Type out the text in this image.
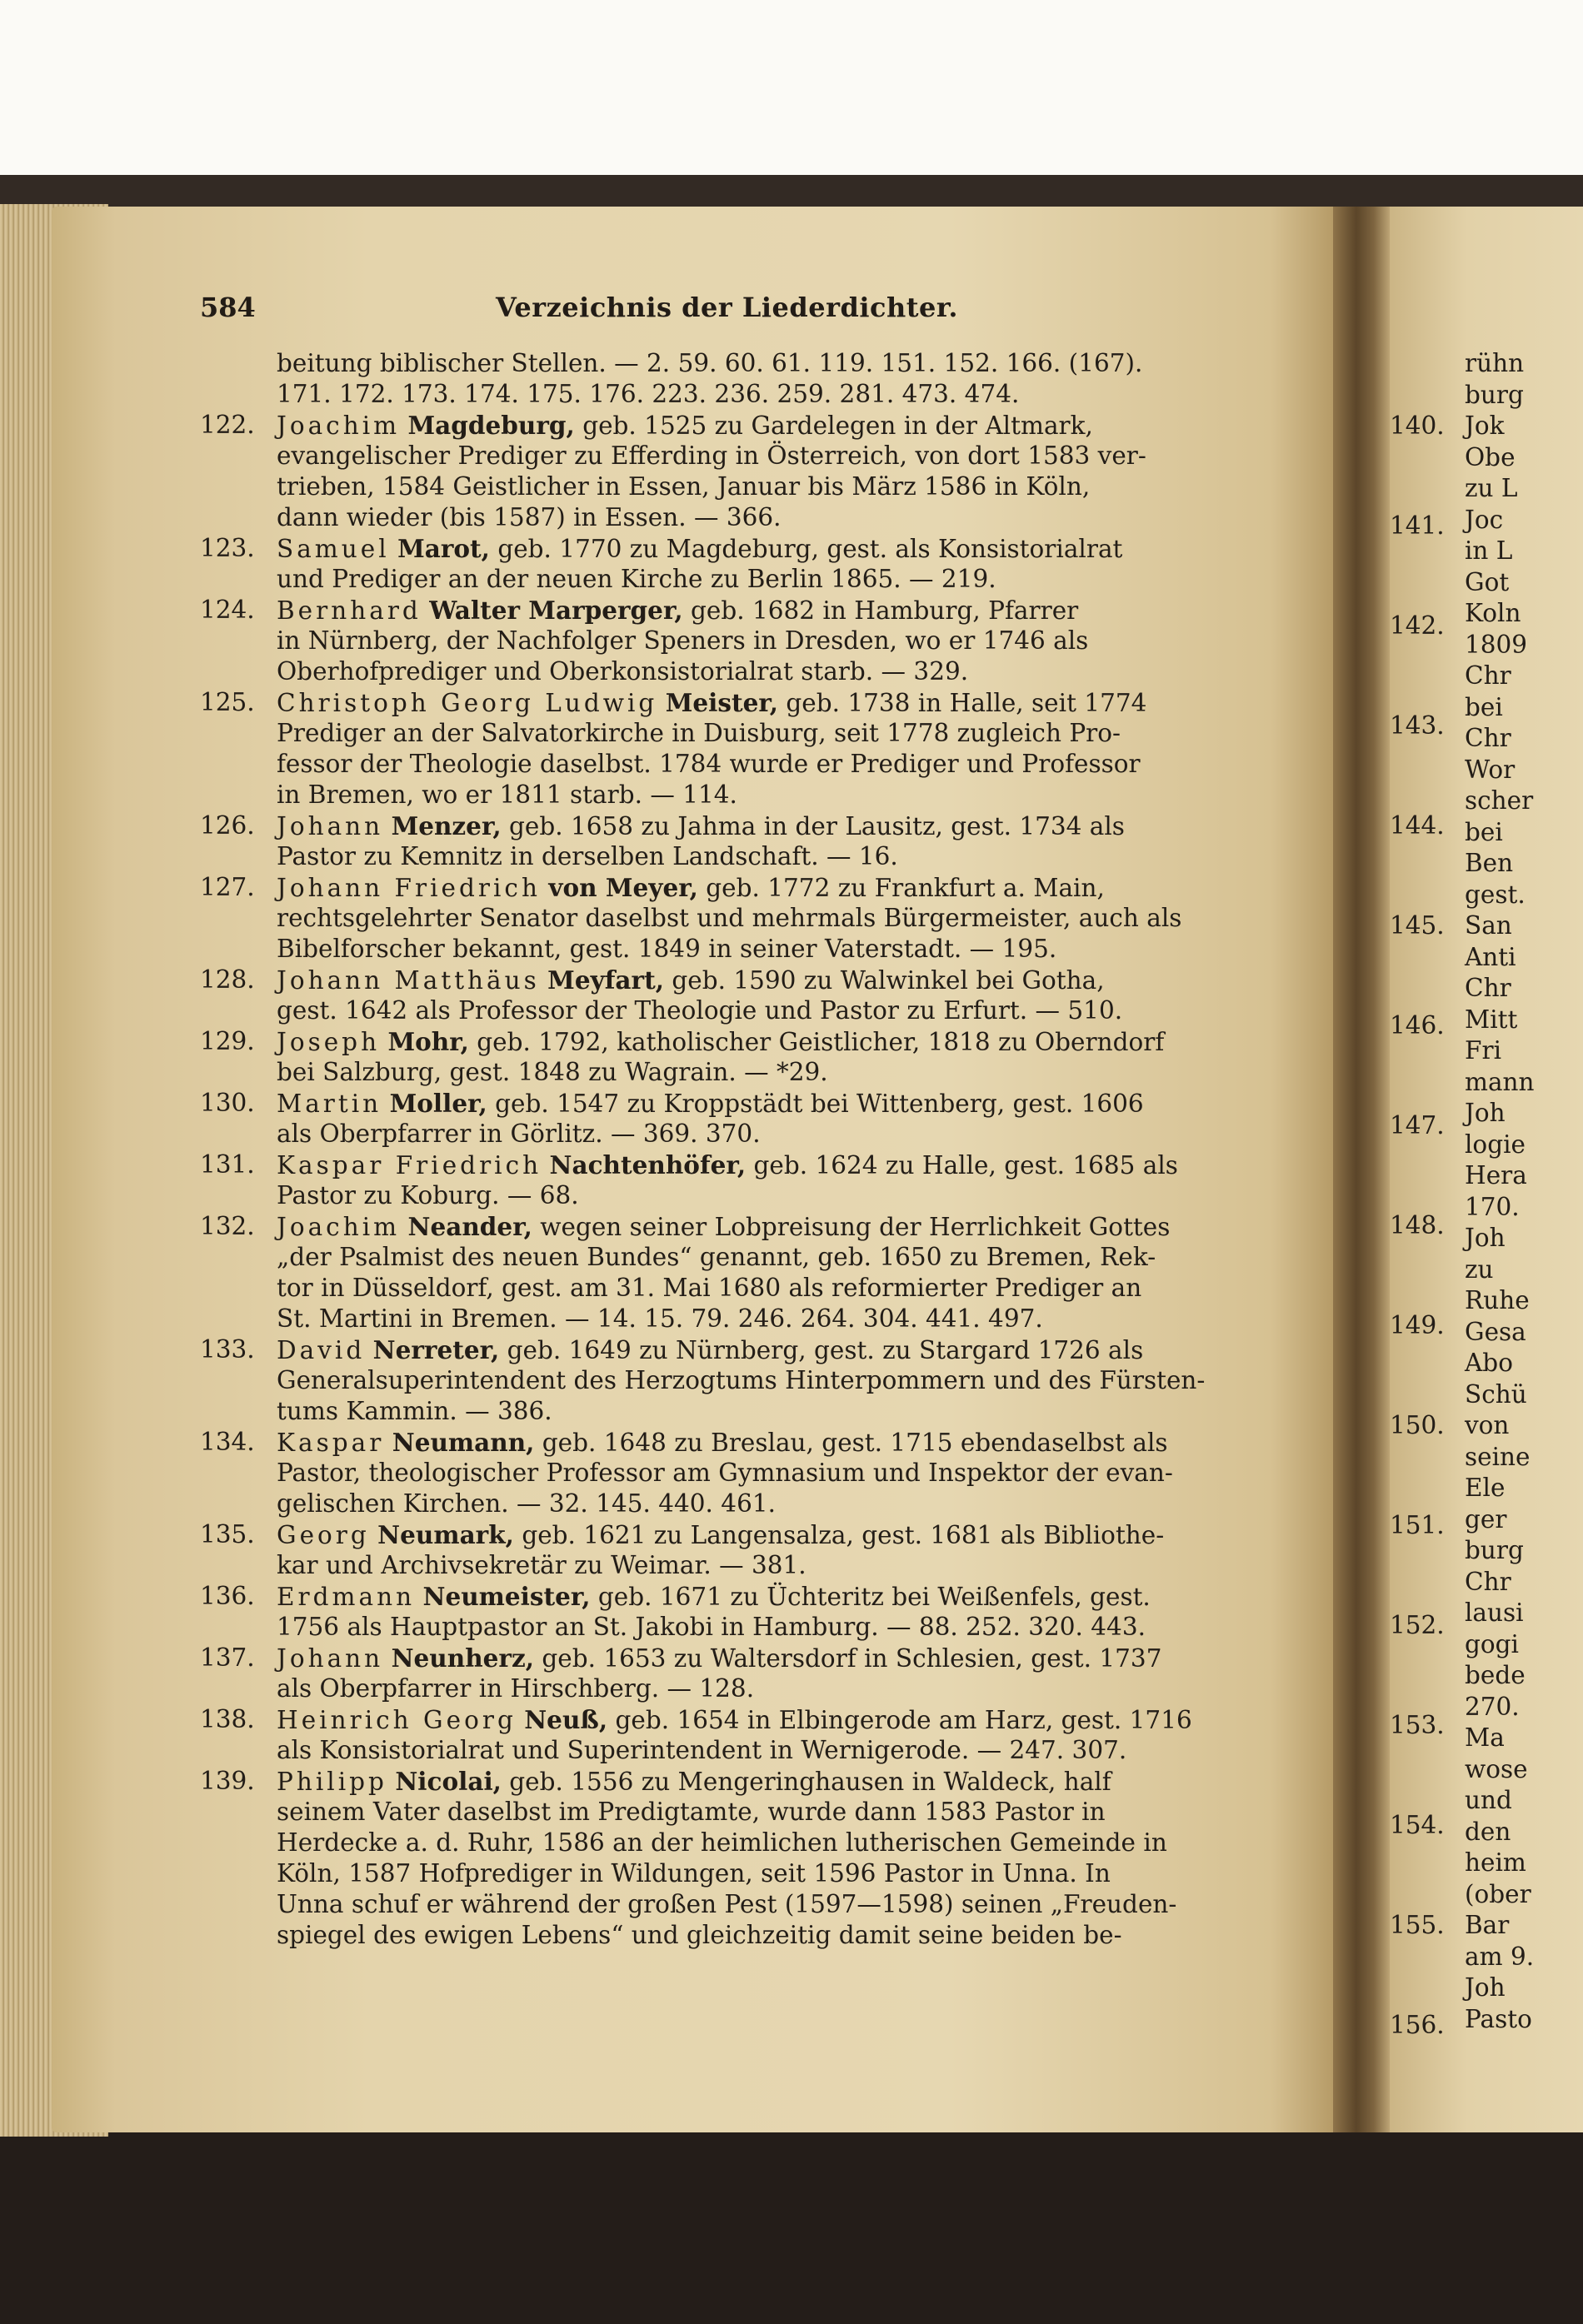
rühn
burg
Jok
Obe
zu L
Joc
in L
Got
Koln
1809
Chr
bei
Chr
Wor
scher
bei
Ben
gest.
San
Anti
Chr
Mitt
Fri
mann
Joh
logie
Hera
170.
Joh
zu
Ruhe
Gesa
Abo
Schü
von
seine
Ele
ger
burg
Chr
lausi
gogi
bede
270.
Ma
wose
und
den
heim
(ober
Bar
am 9.
Joh
Pasto
140.
141.
142.
143.
144.
145.
146.
147.
148.
149.
150.
151.
152.
153.
154.
155.
156.
584	Verzeichnis der Liederdichter.
beitung biblischer Stellen. — 2. 59. 60. 61. 119. 151. 152. 166. (167).
171. 172. 173. 174. 175. 176. 223. 236. 259. 281. 473. 474.
122. Joachim Magdeburg, geb. 1525 zu Gardelegen in der Altmark,
evangelischer Prediger zu Efferding in Österreich, von dort 1583 ver-
trieben, 1584 Geistlicher in Essen, Januar bis März 1586 in Köln,
dann wieder (bis 1587) in Essen. — 366.
123. Samuel Marot, geb. 1770 zu Magdeburg, gest. als Konsistorialrat
und Prediger an der neuen Kirche zu Berlin 1865. — 219.
124. Bernhard Walter Marperger, geb. 1682 in Hamburg, Pfarrer
in Nürnberg, der Nachfolger Speners in Dresden, wo er 1746 als
Oberhofprediger und Oberkonsistorialrat starb. — 329.
125. Christoph Georg Ludwig Meister, geb. 1738 in Halle, seit 1774
Prediger an der Salvatorkirche in Duisburg, seit 1778 zugleich Pro-
fessor der Theologie daselbst. 1784 wurde er Prediger und Professor
in Bremen, wo er 1811 starb. — 114.
126. Johann Menzer, geb. 1658 zu Jahma in der Lausitz, gest. 1734 als
Pastor zu Kemnitz in derselben Landschaft. — 16.
127. Johann Friedrich von Meyer, geb. 1772 zu Frankfurt a. Main,
rechtsgelehrter Senator daselbst und mehrmals Bürgermeister, auch als
Bibelforscher bekannt, gest. 1849 in seiner Vaterstadt. — 195.
128. Johann Matthäus Meyfart, geb. 1590 zu Walwinkel bei Gotha,
gest. 1642 als Professor der Theologie und Pastor zu Erfurt. — 510.
129. Joseph Mohr, geb. 1792, katholischer Geistlicher, 1818 zu Oberndorf
bei Salzburg, gest. 1848 zu Wagrain. — *29.
130. Martin Moller, geb. 1547 zu Kroppstädt bei Wittenberg, gest. 1606
als Oberpfarrer in Görlitz. — 369. 370.
131. Kaspar Friedrich Nachtenhöfer, geb. 1624 zu Halle, gest. 1685 als
Pastor zu Koburg. — 68.
132. Joachim Neander, wegen seiner Lobpreisung der Herrlichkeit Gottes
„der Psalmist des neuen Bundes“ genannt, geb. 1650 zu Bremen, Rek-
tor in Düsseldorf, gest. am 31. Mai 1680 als reformierter Prediger an
St. Martini in Bremen. — 14. 15. 79. 246. 264. 304. 441. 497.
133. David Nerreter, geb. 1649 zu Nürnberg, gest. zu Stargard 1726 als
Generalsuperintendent des Herzogtums Hinterpommern und des Fürsten-
tums Kammin. — 386.
134. Kaspar Neumann, geb. 1648 zu Breslau, gest. 1715 ebendaselbst als
Pastor, theologischer Professor am Gymnasium und Inspektor der evan-
gelischen Kirchen. — 32. 145. 440. 461.
135. Georg Neumark, geb. 1621 zu Langensalza, gest. 1681 als Bibliothe-
kar und Archivsekretär zu Weimar. — 381.
136. Erdmann Neumeister, geb. 1671 zu Üchteritz bei Weißenfels, gest.
1756 als Hauptpastor an St. Jakobi in Hamburg. — 88. 252. 320. 443.
137. Johann Neunherz, geb. 1653 zu Waltersdorf in Schlesien, gest. 1737
als Oberpfarrer in Hirschberg. — 128.
138. Heinrich Georg Neuß, geb. 1654 in Elbingerode am Harz, gest. 1716
als Konsistorialrat und Superintendent in Wernigerode. — 247. 307.
139. Philipp Nicolai, geb. 1556 zu Mengeringhausen in Waldeck, half
seinem Vater daselbst im Predigtamte, wurde dann 1583 Pastor in
Herdecke a. d. Ruhr, 1586 an der heimlichen lutherischen Gemeinde in
Köln, 1587 Hofprediger in Wildungen, seit 1596 Pastor in Unna. In
Unna schuf er während der großen Pest (1597—1598) seinen „Freuden-
spiegel des ewigen Lebens“ und gleichzeitig damit seine beiden be-
